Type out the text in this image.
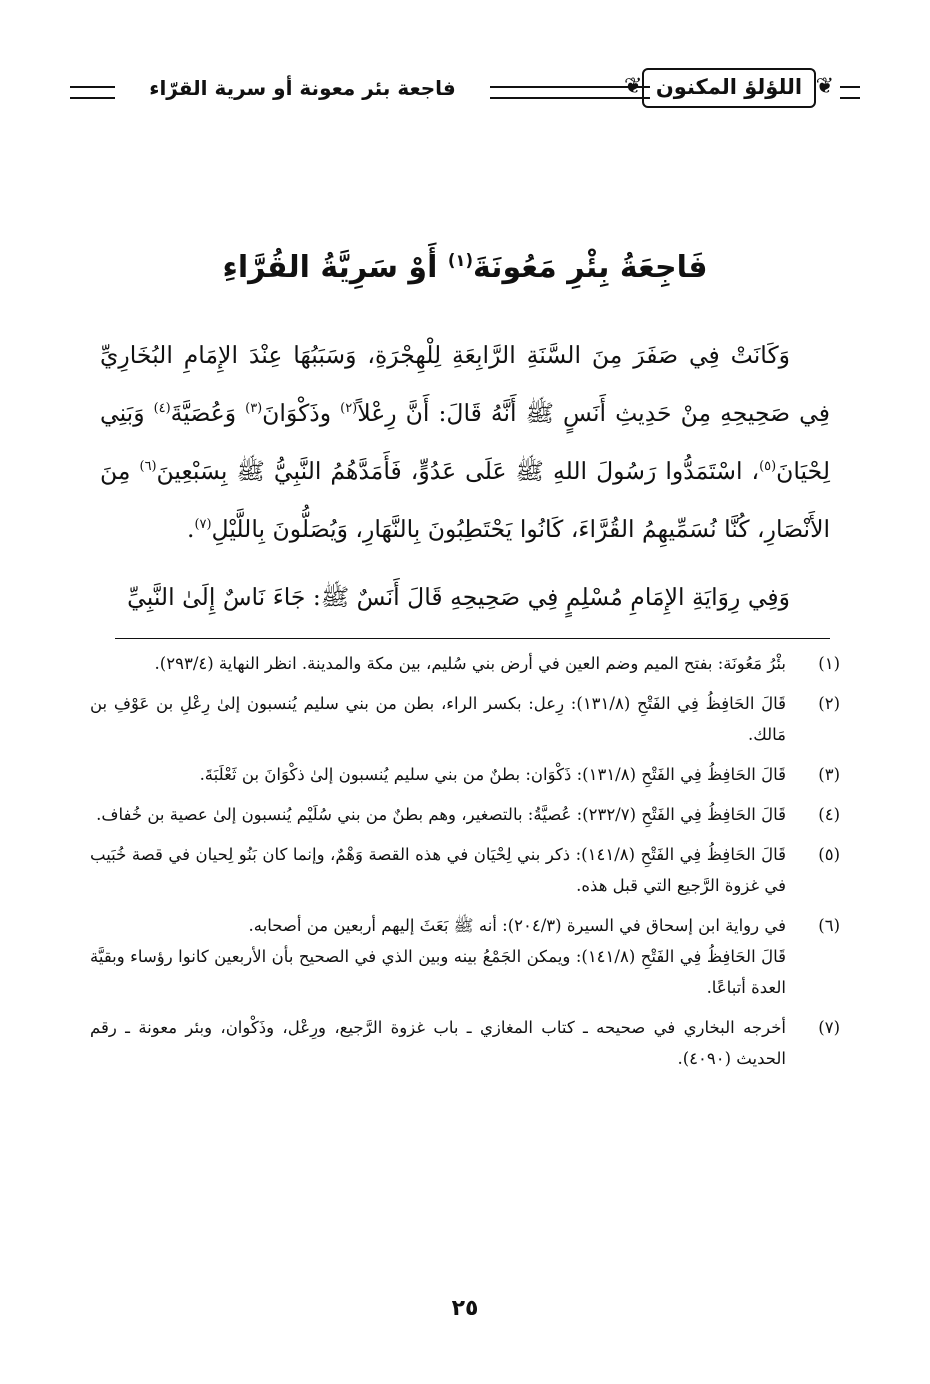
❦ اللؤلؤ المكنون ❦
فاجعة بئر معونة أو سرية القرّاء
فَاجِعَةُ بِئْرِ مَعُونَةَ$^{(١)}$ أَوْ سَرِيَّةُ القُرَّاءِ

وَكَانَتْ فِي صَفَرَ مِنَ السَّنَةِ الرَّابِعَةِ لِلْهِجْرَةِ، وَسَبَبُهَا عِنْدَ الإِمَامِ البُخَارِيِّ فِي صَحِيحِهِ مِنْ حَدِيثِ أَنَسٍ ﷺ أَنَّهُ قَالَ: أَنَّ رِعْلاً$^{(٢)}$ وذَكْوَانَ$^{(٣)}$ وَعُصَيَّةَ$^{(٤)}$ وَبَنِي لِحْيَانَ$^{(٥)}$، اسْتَمَدُّوا رَسُولَ اللهِ ﷺ عَلَى عَدُوٍّ، فَأَمَدَّهُمُ النَّبِيُّ ﷺ بِسَبْعِينَ$^{(٦)}$ مِنَ الأَنْصَارِ، كُنَّا نُسَمِّيهِمُ القُرَّاءَ، كَانُوا يَحْتَطِبُونَ بِالنَّهَارِ، وَيُصَلُّونَ بِاللَّيْلِ$^{(٧)}$.

وَفِي رِوَايَةِ الإِمَامِ مُسْلِمٍ فِي صَحِيحِهِ قَالَ أَنَسٌ ﷺ: جَاءَ نَاسٌ إِلَىٰ النَّبِيِّ

(١)
بئْرُ مَعُونَة: بفتح الميم وضم العين في أرض بني سُليم، بين مكة والمدينة. انظر النهاية (٢٩٣/٤).
(٢)
قَالَ الحَافِظُ فِي الفَتْحِ (١٣١/٨): رِعل: بكسر الراء، بطن من بني سليم يُنسبون إلىٰ رِعْلِ بن عَوْفِ بن مَالك.
(٣)
قَالَ الحَافِظُ فِي الفَتْحِ (١٣١/٨): ذَكْوَان: بطنٌ من بني سليم يُنسبون إلىٰ ذكْوَانَ بن ثَعْلَبَةَ.
(٤)
قَالَ الحَافِظُ فِي الفَتْحِ (٢٣٢/٧): عُصيَّةُ: بالتصغير، وهم بطنٌ من بني سُلَيْم يُنسبون إلىٰ عصية بن خُفاف.
(٥)
قَالَ الحَافِظُ فِي الفَتْحِ (١٤١/٨): ذكر بني لِحْيَان في هذه القصة وَهْمٌ، وإنما كان بَنُو لِحيان في قصة خُبَيب في غزوة الرَّجيع التي قبل هذه.
(٦)
في رواية ابن إسحاق في السيرة (٢٠٤/٣): أنه ﷺ بَعَثَ إليهم أربعين من أصحابه.
قَالَ الحَافِظُ فِي الفَتْحِ (١٤١/٨): ويمكن الجَمْعُ بينه وبين الذي في الصحيح بأن الأربعين كانوا رؤساء وبقيَّة العدة أتباعًا.
(٧)
أخرجه البخاري في صحيحه ـ كتاب المغازي ـ باب غزوة الرَّجيع، ورِعْل، وذَكْوان، وبئر معونة ـ رقم الحديث (٤٠٩٠).
٢٥
